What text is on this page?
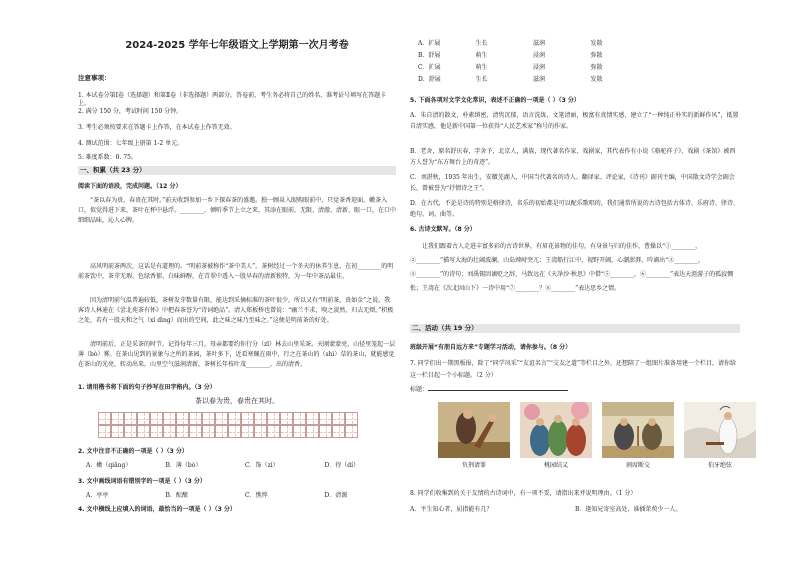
2024-2025 学年七年级语文上学期第一次月考卷
注意事项：
1. 本试卷分第Ⅰ卷（选择题）和第Ⅱ卷（非选择题）两部分。答卷前，考生务必将自己的姓名、准考证号填写在答题卡上。
2. 满分 150 分，考试时间 150 分钟。
3. 考生必须按要求在答题卡上作答，在本试卷上作答无效。
4. 测试范围：七年级上册第 1-2 单元。
5. 难度系数：0. 75。
一、积累（共 23 分）
阅读下面的语段，完成问题。（12 分）
“茶以春为贵，春贵在其时。”前天收到参加一乡下探春茶的盛邀。独一顾泉入眼购眼前中，只觉茶香迎面，嫩茶入口，似觉得进下来，茶叶在杯中悬浮。________，倾听季节上立之来，其添在眼前，无限、清澈、清新、眼一口，在口中细细品味，沁人心脾。
高风明前茶两次，这话是有道理的。“明前茶被称作“茶中美人”。茶树经过一个冬天的休养生息，在初________的明前茶饮中，茶芽无瑕、色绿香郁、白味鲜醇，在青翠中透入一股早春的清新独特，为一年中茶品最佳。
因为清明前气温普遍较低，茶树发芽数量有限，能达到采摘标准的茶叶很少，所以又有“明前茶，贵如金”之说。我客诗人林逋在《尝北苑茶有怀》中把春茶誉为“诗词绝品”。清人郑板桥也曾说：“幽兰不求，嗅之淡然，归去无烦。”积极之处，若有一股天和之气（xí dìng）而出的空间，此之味之味乃至味之。”这便是明前茶的好处。
清明前后，正是采茶的时节。记得每年三月，母亲都要约你行分（zī）林去山里采茶。天刚蒙蒙亮，山径里笼起一层薄（bò）雾。在茶山见到的景象与之所的茶园，茶叶多下，近看寒佩在雨中，行之在茶山的（shì）草的茶山，就能感觉在茶山的光亮，转动出来，山里空气滋润清新，茶树长年枝叶茂________，出的清香。
1. 请用楷书将下面的句子抄写在田字格内。（3 分）
茶以春为贵，春贵在其时。
2. 文中注音不正确的一项是（ ）（3 分）
A．嫩（qiǎng）	B．薄（bò）	C．饰（zì）	D．待（dí）
3. 文中画线词语有错别字的一项是（ ）（3 分）
A．亭亭	B．酝酿	C．憔悴	D．清源
4. 文中横线上应填入的词语，最恰当的一项是（ ）（3 分）
A．扩展	生长	滋润	发散
B．舒展	萌生	浸润	弥散
C．扩展	萌生	浸润	弥散
D．舒展	生长	滋润	发散
5. 下面各项对文学文化常识，表述不正确的一项是（ ）（3 分）
A．朱自清的散文，朴素缜密，清隽沉郁，语言洗练，文笔清丽，极富有真情实感，建立了“一种纯正朴实的新鲜作风”，抵置自清实感，他是新中国第一位获得“人民艺术家”称号的作家。
B．老舍，原名舒庆春，字舍予，北京人，满族，现代著名作家、戏剧家，其代表作有小说《骆驼祥子》、戏剧《茶馆》被西方人誉为“东方舞台上的奇迹”。
C．刘湛秋，1935 年出生，安徽芜湖人，中国当代著名的诗人、翻译家、评论家，《诗刊》副刊主编，中国散文诗学会副会长，曾被誉为“抒情诗之王”。
D．在古代，不论是诗的特别是格律诗，名乐的初始都是可以配乐歌唱的，我们通常所说的古诗包括古体诗、乐府诗、律诗、绝句、词、曲等。
6. 古诗文默写。（8 分）
让我们跟着古人走进丰富多彩的古诗世界，有眉花景物的佳句，有身景与归的佳作，曹操以“①________，②________”描写大海的壮阔波澜，山岛竦峙突兀；王湾船行江中，视野开阔，心潮澎湃，吟诵出“③________，④________”的诗句；刘禹锡因谪贬之辞，马致远在《天净沙·秋思》中借“⑤________，⑥________”表达天涯游子的孤寂惆怅；王湾在《次北固山下》一诗中用“⑦________？⑧________”表达思乡之情。
二、活动（共 19 分）
班级开展“有朋自远方来”专题学习活动，请你参与。（8 分）
7. 同学们出一期黑板报，除了“同学风采”“友谊名言”“交友之道”等栏目之外，还想陪了一组图片准备用建一个栏目，请你给这一栏目起一个小标题。（2 分）
标题：
负荆请罪	桃园结义	割席断交	伯牙绝弦
8. 同学们收集到的关于友情的古诗词中，有一项不妥，请指出来并说明理由。（1 分）
A．平生知心者，屈指能有几？	B．逢知兄寄室高处，谁插茱萸少一人。
